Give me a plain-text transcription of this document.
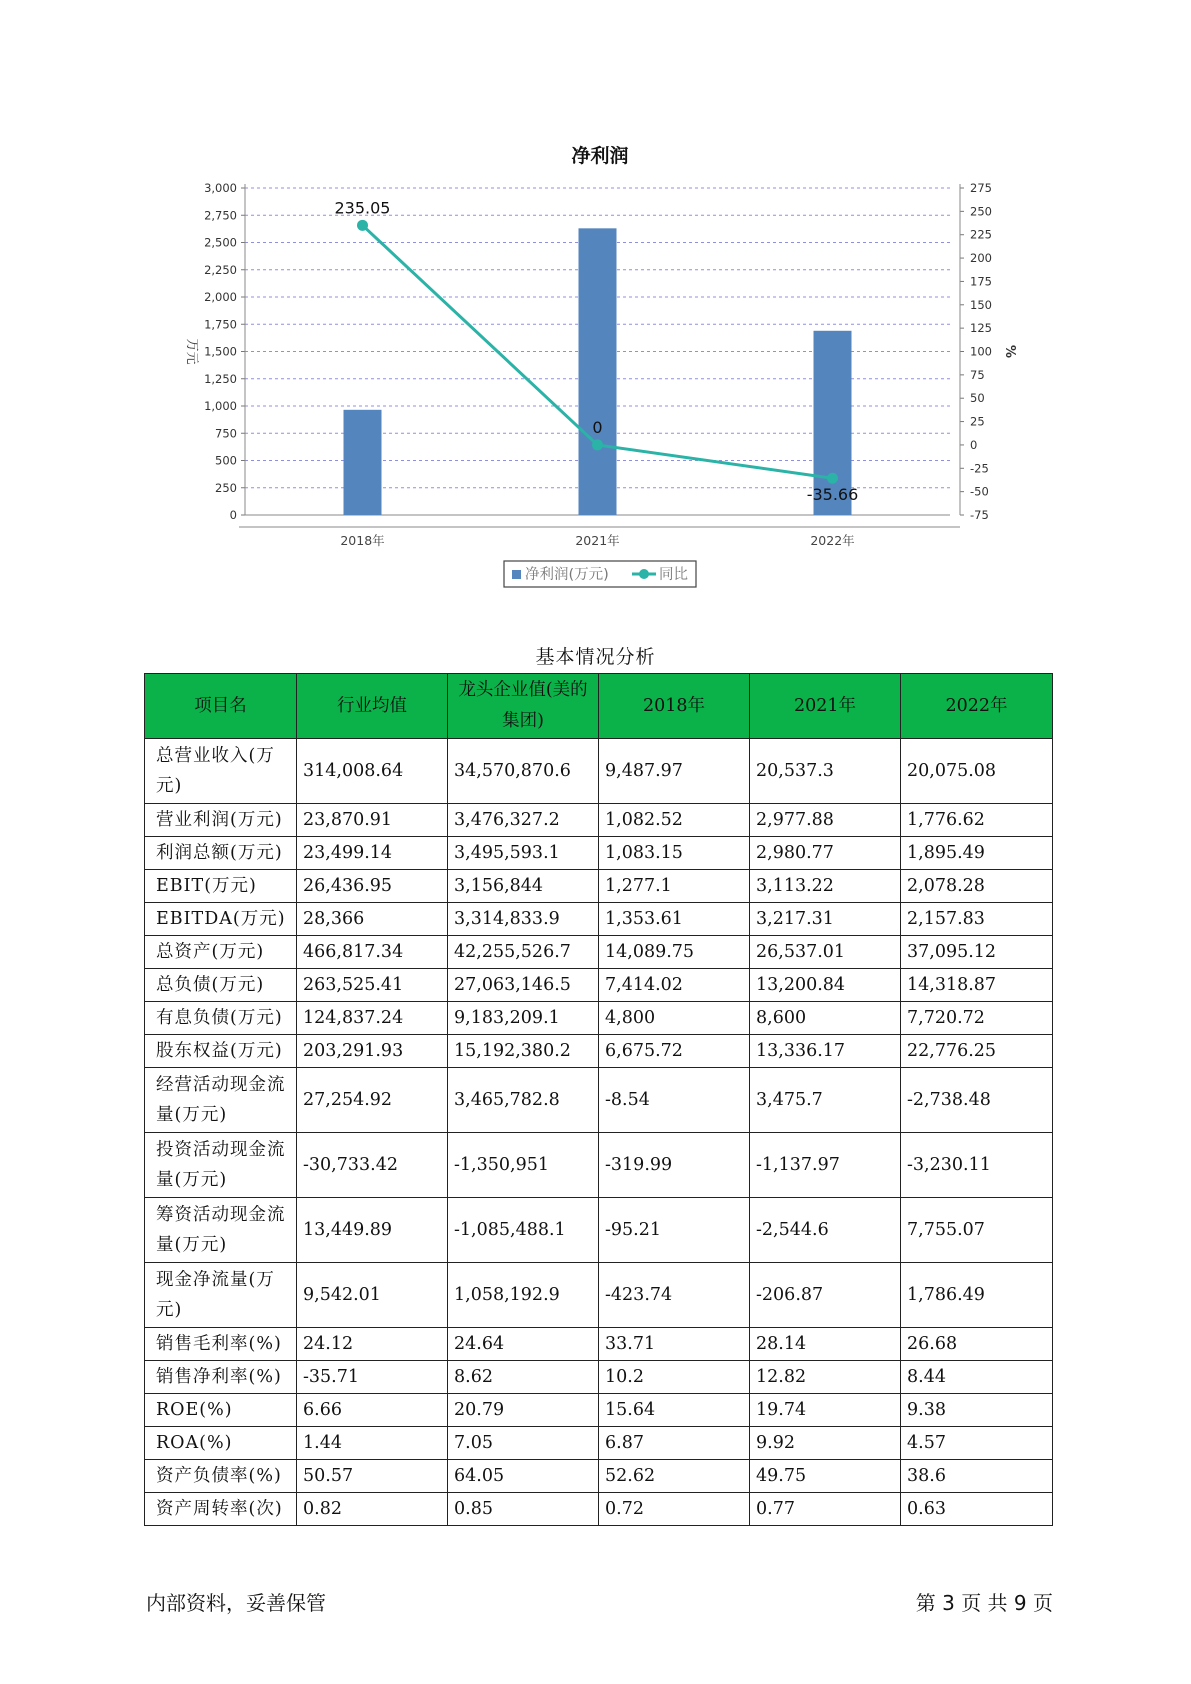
净利润
0
250
500
750
1,000
1,250
1,500
1,750
2,000
2,250
2,500
2,750
3,000
-75
-50
-25
0
25
50
75
100
125
150
175
200
225
250
275
万元	%
2018年	2021年	2022年
235.05
0
-35.66
净利润(万元)	同比
基本情况分析
项目名	行业均值	龙头企业值(美的集团)	2018年	2021年	2022年
总营业收入(万元)	314,008.64	34,570,870.6	9,487.97	20,537.3	20,075.08
营业利润(万元)	23,870.91	3,476,327.2	1,082.52	2,977.88	1,776.62
利润总额(万元)	23,499.14	3,495,593.1	1,083.15	2,980.77	1,895.49
EBIT(万元)	26,436.95	3,156,844	1,277.1	3,113.22	2,078.28
EBITDA(万元)	28,366	3,314,833.9	1,353.61	3,217.31	2,157.83
总资产(万元)	466,817.34	42,255,526.7	14,089.75	26,537.01	37,095.12
总负债(万元)	263,525.41	27,063,146.5	7,414.02	13,200.84	14,318.87
有息负债(万元)	124,837.24	9,183,209.1	4,800	8,600	7,720.72
股东权益(万元)	203,291.93	15,192,380.2	6,675.72	13,336.17	22,776.25
经营活动现金流量(万元)	27,254.92	3,465,782.8	-8.54	3,475.7	-2,738.48
投资活动现金流量(万元)	-30,733.42	-1,350,951	-319.99	-1,137.97	-3,230.11
筹资活动现金流量(万元)	13,449.89	-1,085,488.1	-95.21	-2,544.6	7,755.07
现金净流量(万元)	9,542.01	1,058,192.9	-423.74	-206.87	1,786.49
销售毛利率(%)	24.12	24.64	33.71	28.14	26.68
销售净利率(%)	-35.71	8.62	10.2	12.82	8.44
ROE(%)	6.66	20.79	15.64	19.74	9.38
ROA(%)	1.44	7.05	6.87	9.92	4.57
资产负债率(%)	50.57	64.05	52.62	49.75	38.6
资产周转率(次)	0.82	0.85	0.72	0.77	0.63
内部资料，妥善保管	第 3 页 共 9 页
